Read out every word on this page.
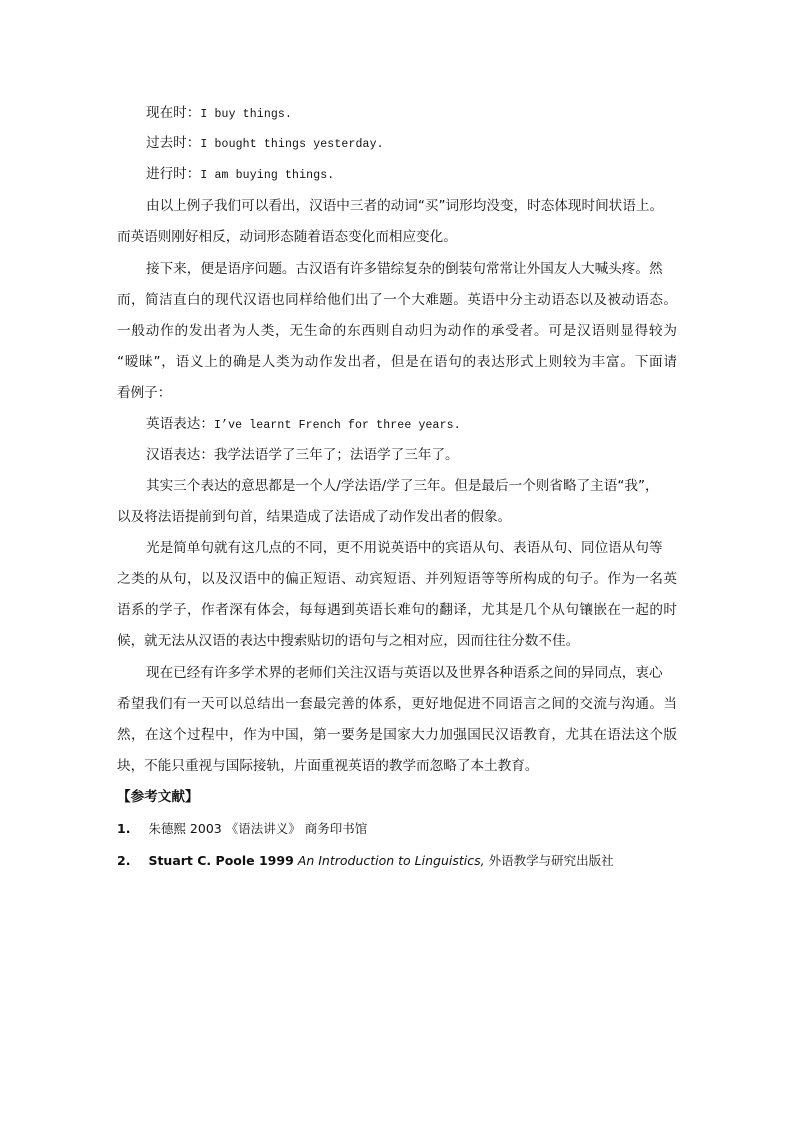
现在时：I buy things.
过去时：I bought things yesterday.
进行时：I am buying things.
由以上例子我们可以看出，汉语中三者的动词“买”词形均没变，时态体现时间状语上。
而英语则刚好相反，动词形态随着语态变化而相应变化。
接下来，便是语序问题。古汉语有许多错综复杂的倒装句常常让外国友人大喊头疼。然
而，简洁直白的现代汉语也同样给他们出了一个大难题。英语中分主动语态以及被动语态。
一般动作的发出者为人类，无生命的东西则自动归为动作的承受者。可是汉语则显得较为
“暧昧”，语义上的确是人类为动作发出者，但是在语句的表达形式上则较为丰富。下面请
看例子：
英语表达：I’ve learnt French for three years.
汉语表达：我学法语学了三年了；法语学了三年了。
其实三个表达的意思都是一个人/学法语/学了三年。但是最后一个则省略了主语“我”，
以及将法语提前到句首，结果造成了法语成了动作发出者的假象。
光是简单句就有这几点的不同，更不用说英语中的宾语从句、表语从句、同位语从句等
之类的从句，以及汉语中的偏正短语、动宾短语、并列短语等等所构成的句子。作为一名英
语系的学子，作者深有体会，每每遇到英语长难句的翻译，尤其是几个从句镶嵌在一起的时
候，就无法从汉语的表达中搜索贴切的语句与之相对应，因而往往分数不佳。
现在已经有许多学术界的老师们关注汉语与英语以及世界各种语系之间的异同点，衷心
希望我们有一天可以总结出一套最完善的体系，更好地促进不同语言之间的交流与沟通。当
然，在这个过程中，作为中国，第一要务是国家大力加强国民汉语教育，尤其在语法这个版
块，不能只重视与国际接轨，片面重视英语的教学而忽略了本土教育。
【参考文献】
1. 朱德熙 2003 《语法讲义》 商务印书馆
2. Stuart C. Poole 1999 An Introduction to Linguistics, 外语教学与研究出版社
